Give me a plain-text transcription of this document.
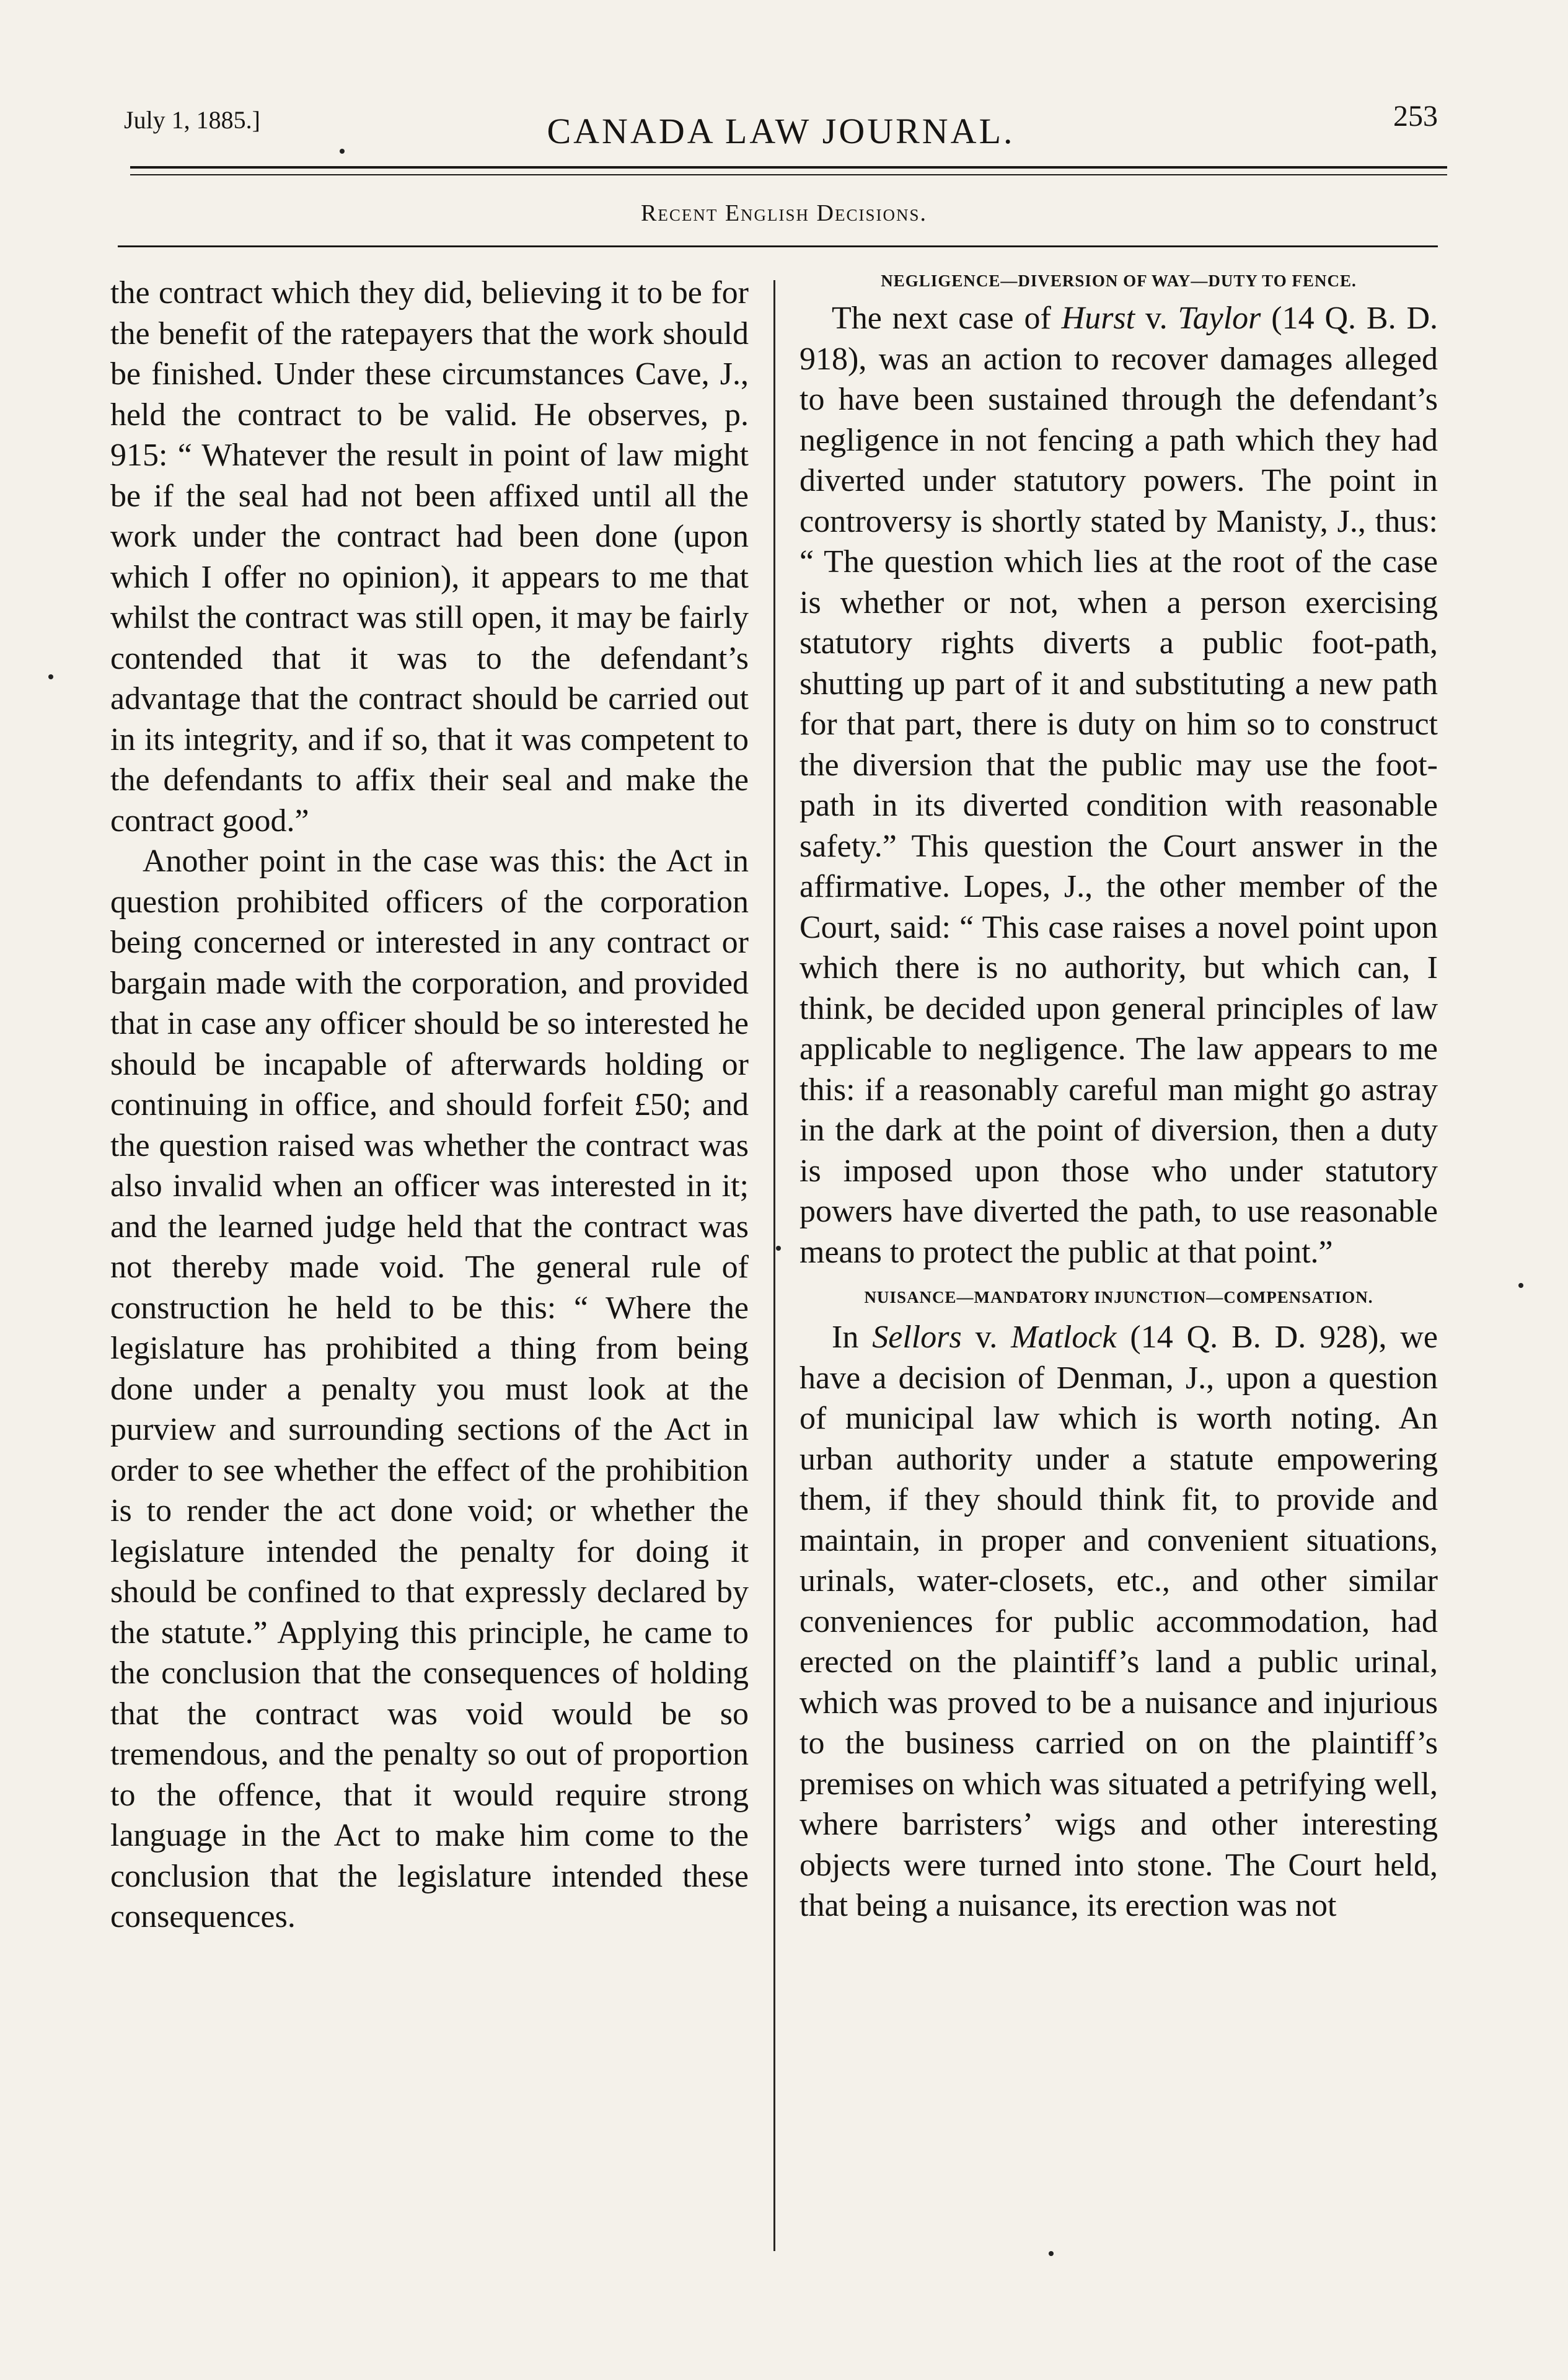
July 1, 1885.]	CANADA LAW JOURNAL.	253
Recent English Decisions.

the contract which they did, believing it to be for the benefit of the ratepayers that the work should be finished. Under these circumstances Cave, J., held the contract to be valid. He observes, p. 915: “ Whatever the result in point of law might be if the seal had not been affixed until all the work under the contract had been done (upon which I offer no opinion), it appears to me that whilst the contract was still open, it may be fairly contended that it was to the defendant’s advantage that the contract should be carried out in its integrity, and if so, that it was competent to the defendants to affix their seal and make the contract good.”

Another point in the case was this: the Act in question prohibited officers of the corporation being concerned or interested in any contract or bargain made with the corporation, and provided that in case any officer should be so interested he should be incapable of afterwards holding or continuing in office, and should forfeit £50; and the question raised was whether the contract was also invalid when an officer was interested in it; and the learned judge held that the contract was not thereby made void. The general rule of construction he held to be this: “ Where the legislature has prohibited a thing from being done under a penalty you must look at the purview and surrounding sections of the Act in order to see whether the effect of the prohibition is to render the act done void; or whether the legislature intended the penalty for doing it should be confined to that expressly declared by the statute.” Applying this principle, he came to the conclusion that the consequences of holding that the contract was void would be so tremendous, and the penalty so out of proportion to the offence, that it would require strong language in the Act to make him come to the conclusion that the legislature intended these consequences.

NEGLIGENCE—DIVERSION OF WAY—DUTY TO FENCE.

The next case of Hurst v. Taylor (14 Q. B. D. 918), was an action to recover damages alleged to have been sustained through the defendant’s negligence in not fencing a path which they had diverted under statutory powers. The point in controversy is shortly stated by Manisty, J., thus: “ The question which lies at the root of the case is whether or not, when a person exercising statutory rights diverts a public foot-path, shutting up part of it and substituting a new path for that part, there is duty on him so to construct the diversion that the public may use the foot-path in its diverted condition with reasonable safety.” This question the Court answer in the affirmative. Lopes, J., the other member of the Court, said: “ This case raises a novel point upon which there is no authority, but which can, I think, be decided upon general principles of law applicable to negligence. The law appears to me this: if a reasonably careful man might go astray in the dark at the point of diversion, then a duty is imposed upon those who under statutory powers have diverted the path, to use reasonable means to protect the public at that point.”

NUISANCE—MANDATORY INJUNCTION—COMPENSATION.

In Sellors v. Matlock (14 Q. B. D. 928), we have a decision of Denman, J., upon a question of municipal law which is worth noting. An urban authority under a statute empowering them, if they should think fit, to provide and maintain, in proper and convenient situations, urinals, water-closets, etc., and other similar conveniences for public accommodation, had erected on the plaintiff’s land a public urinal, which was proved to be a nuisance and injurious to the business carried on on the plaintiff’s premises on which was situated a petrifying well, where barristers’ wigs and other interesting objects were turned into stone. The Court held, that being a nuisance, its erection was not
